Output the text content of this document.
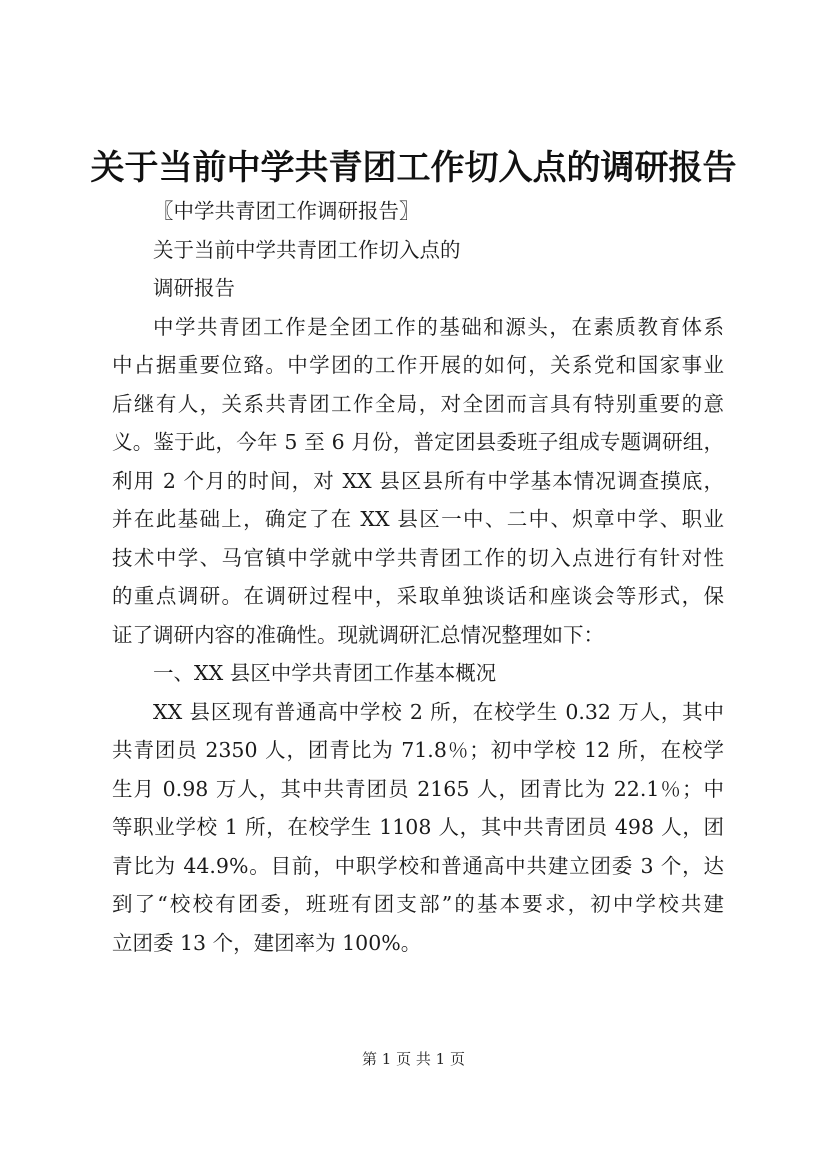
关于当前中学共青团工作切入点的调研报告
〖中学共青团工作调研报告〗
关于当前中学共青团工作切入点的
调研报告
中学共青团工作是全团工作的基础和源头，在素质教育体系
中占据重要位臵。中学团的工作开展的如何，关系党和国家事业
后继有人，关系共青团工作全局，对全团而言具有特别重要的意
义。鉴于此，今年 5 至 6 月份，普定团县委班子组成专题调研组，
利用 2 个月的时间，对 XX 县区县所有中学基本情况调查摸底，
并在此基础上，确定了在 XX 县区一中、二中、炽章中学、职业
技术中学、马官镇中学就中学共青团工作的切入点进行有针对性
的重点调研。在调研过程中，采取单独谈话和座谈会等形式，保
证了调研内容的准确性。现就调研汇总情况整理如下：
一、XX 县区中学共青团工作基本概况
XX 县区现有普通高中学校 2 所，在校学生 0.32 万人，其中
共青团员 2350 人，团青比为 71.8％；初中学校 12 所，在校学
生月 0.98 万人，其中共青团员 2165 人，团青比为 22.1％；中
等职业学校 1 所，在校学生 1108 人，其中共青团员 498 人，团
青比为 44.9%。目前，中职学校和普通高中共建立团委 3 个，达
到了“校校有团委，班班有团支部”的基本要求，初中学校共建
立团委 13 个，建团率为 100%。
第 1 页 共 1 页
